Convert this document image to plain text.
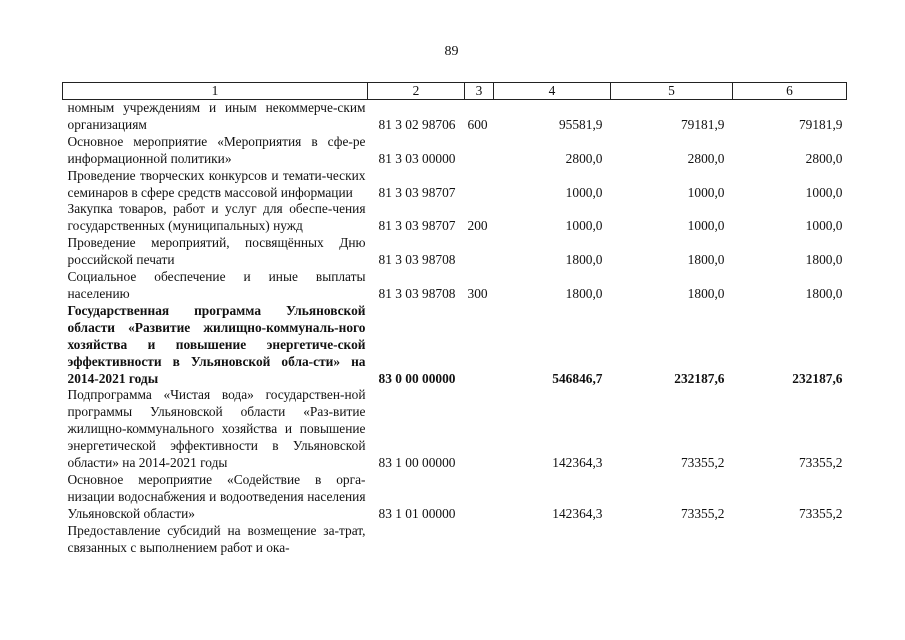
89
1	2	3	4	5	6
номным учреждениям и иным некоммерче-ским организациям	81 3 02 98706	600	95581,9	79181,9	79181,9
Основное мероприятие «Мероприятия в сфе-ре информационной политики»	81 3 03 00000		2800,0	2800,0	2800,0
Проведение творческих конкурсов и темати-ческих семинаров в сфере средств массовой информации	81 3 03 98707		1000,0	1000,0	1000,0
Закупка товаров, работ и услуг для обеспе-чения государственных (муниципальных) нужд	81 3 03 98707	200	1000,0	1000,0	1000,0
Проведение мероприятий, посвящённых Дню российской печати	81 3 03 98708		1800,0	1800,0	1800,0
Социальное обеспечение и иные выплаты населению	81 3 03 98708	300	1800,0	1800,0	1800,0
Государственная программа Ульяновской области «Развитие жилищно-коммуналь-ного хозяйства и повышение энергетиче-ской эффективности в Ульяновской обла-сти» на 2014-2021 годы	83 0 00 00000		546846,7	232187,6	232187,6
Подпрограмма «Чистая вода» государствен-ной программы Ульяновской области «Раз-витие жилищно-коммунального хозяйства и повышение энергетической эффективности в Ульяновской области» на 2014-2021 годы	83 1 00 00000		142364,3	73355,2	73355,2
Основное мероприятие «Содействие в орга-низации водоснабжения и водоотведения населения Ульяновской области»	83 1 01 00000		142364,3	73355,2	73355,2
Предоставление субсидий на возмещение за-трат, связанных с выполнением работ и ока-					
